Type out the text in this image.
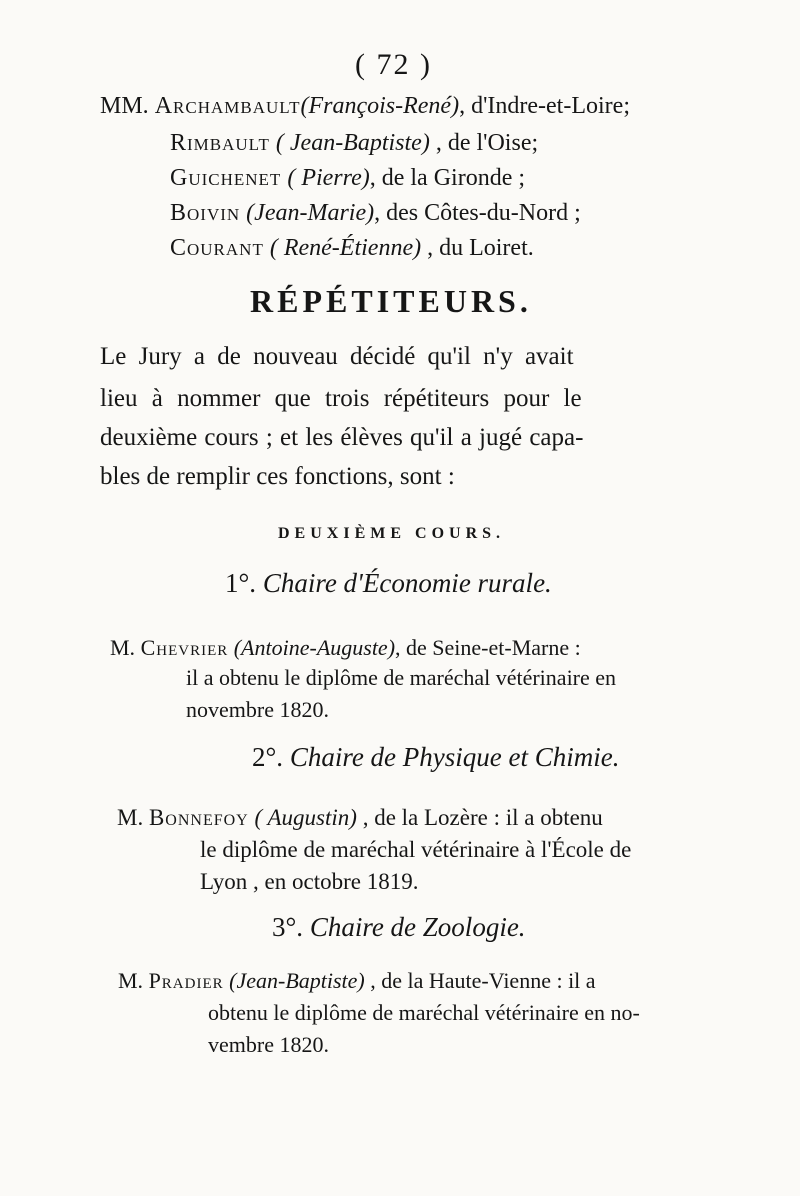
( 72 )
MM. Archambault(François-René), d'Indre-et-Loire;
Rimbault ( Jean-Baptiste) , de l'Oise;
Guichenet ( Pierre), de la Gironde ;
Boivin (Jean-Marie), des Côtes-du-Nord ;
Courant ( René-Étienne) , du Loiret.
RÉPÉTITEURS.
Le Jury a de nouveau décidé qu'il n'y avait
lieu à nommer que trois répétiteurs pour le
deuxième cours ; et les élèves qu'il a jugé capa-
bles de remplir ces fonctions, sont :
DEUXIÈME COURS.
1°. Chaire d'Économie rurale.
M. Chevrier (Antoine-Auguste), de Seine-et-Marne :
il a obtenu le diplôme de maréchal vétérinaire en
novembre 1820.
2°. Chaire de Physique et Chimie.
M. Bonnefoy ( Augustin) , de la Lozère : il a obtenu
le diplôme de maréchal vétérinaire à l'École de
Lyon , en octobre 1819.
3°. Chaire de Zoologie.
M. Pradier (Jean-Baptiste) , de la Haute-Vienne : il a
obtenu le diplôme de maréchal vétérinaire en no-
vembre 1820.
